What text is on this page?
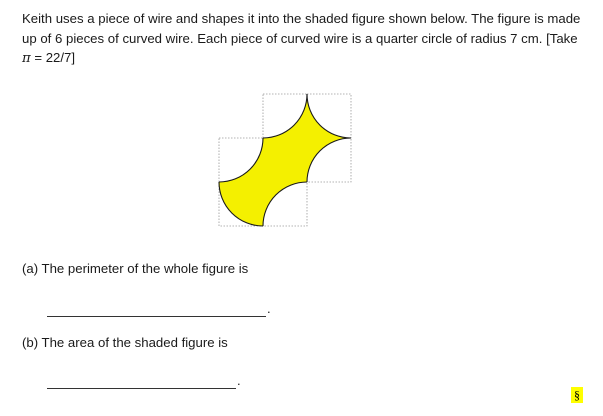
Keith uses a piece of wire and shapes it into the shaded figure shown below. The figure is made up of 6 pieces of curved wire. Each piece of curved wire is a quarter circle of radius 7 cm. [Take π = 22/7]

(a) The perimeter of the whole figure is

.

(b) The area of the shaded figure is

.
§
